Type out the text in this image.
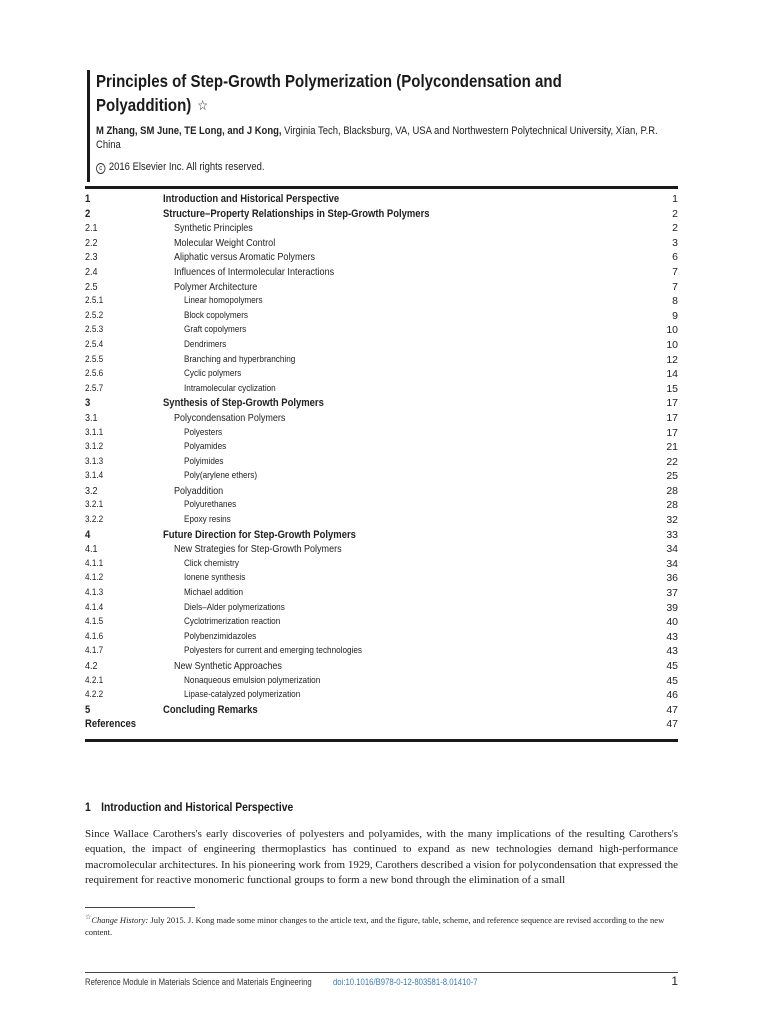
Principles of Step-Growth Polymerization (Polycondensation and
Polyaddition) ☆
M Zhang, SM June, TE Long, and J Kong, Virginia Tech, Blacksburg, VA, USA and Northwestern Polytechnical University, Xían, P.R. China
c 2016 Elsevier Inc. All rights reserved.
1	Introduction and Historical Perspective	1
2	Structure–Property Relationships in Step-Growth Polymers	2
2.1	Synthetic Principles	2
2.2	Molecular Weight Control	3
2.3	Aliphatic versus Aromatic Polymers	6
2.4	Influences of Intermolecular Interactions	7
2.5	Polymer Architecture	7
2.5.1	Linear homopolymers	8
2.5.2	Block copolymers	9
2.5.3	Graft copolymers	10
2.5.4	Dendrimers	10
2.5.5	Branching and hyperbranching	12
2.5.6	Cyclic polymers	14
2.5.7	Intramolecular cyclization	15
3	Synthesis of Step-Growth Polymers	17
3.1	Polycondensation Polymers	17
3.1.1	Polyesters	17
3.1.2	Polyamides	21
3.1.3	Polyimides	22
3.1.4	Poly(arylene ethers)	25
3.2	Polyaddition	28
3.2.1	Polyurethanes	28
3.2.2	Epoxy resins	32
4	Future Direction for Step-Growth Polymers	33
4.1	New Strategies for Step-Growth Polymers	34
4.1.1	Click chemistry	34
4.1.2	Ionene synthesis	36
4.1.3	Michael addition	37
4.1.4	Diels–Alder polymerizations	39
4.1.5	Cyclotrimerization reaction	40
4.1.6	Polybenzimidazoles	43
4.1.7	Polyesters for current and emerging technologies	43
4.2	New Synthetic Approaches	45
4.2.1	Nonaqueous emulsion polymerization	45
4.2.2	Lipase-catalyzed polymerization	46
5	Concluding Remarks	47
References	47
1 Introduction and Historical Perspective

Since Wallace Carothers's early discoveries of polyesters and polyamides, with the many implications of the resulting Carothers's equation, the impact of engineering thermoplastics has continued to expand as new technologies demand high-performance macromolecular architectures. In his pioneering work from 1929, Carothers described a vision for polycondensation that expressed the requirement for reactive monomeric functional groups to form a new bond through the elimination of a small

☆Change History: July 2015. J. Kong made some minor changes to the article text, and the figure, table, scheme, and reference sequence are revised according to the new content.

Reference Module in Materials Science and Materials Engineering doi:10.1016/B978-0-12-803581-8.01410-7	1
